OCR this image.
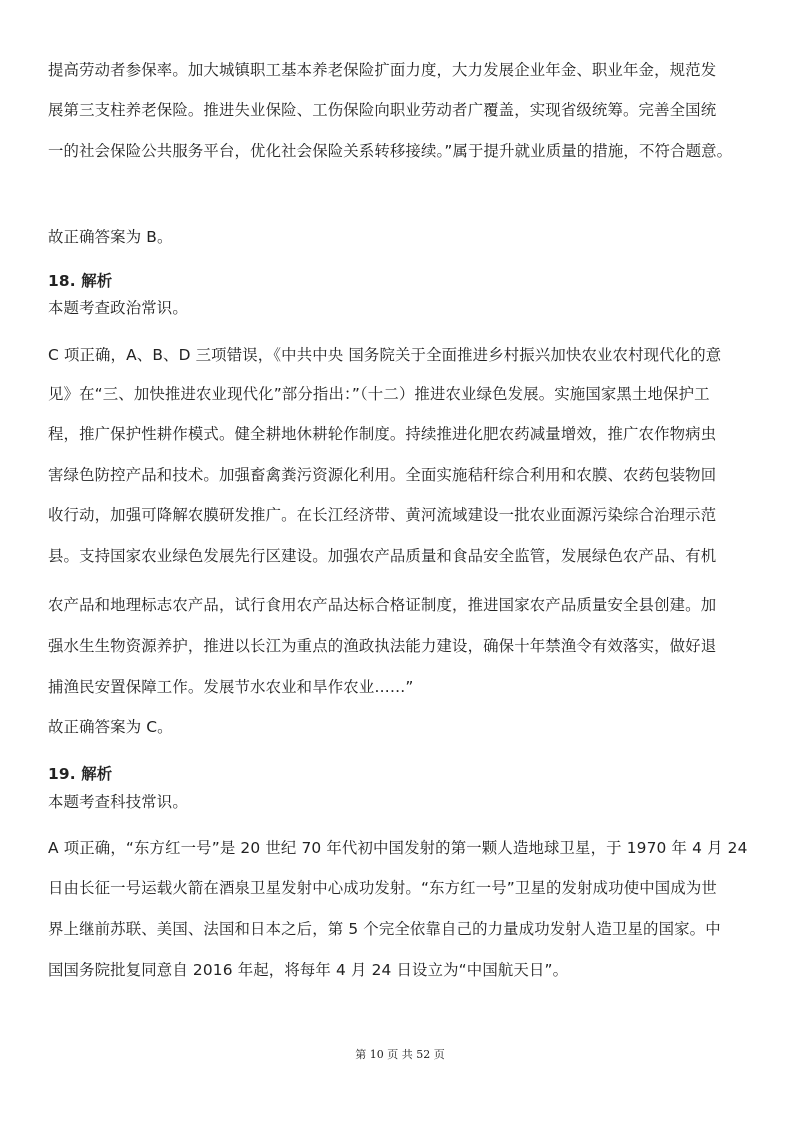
提高劳动者参保率。加大城镇职工基本养老保险扩面力度，大力发展企业年金、职业年金，规范发
展第三支柱养老保险。推进失业保险、工伤保险向职业劳动者广覆盖，实现省级统筹。完善全国统
一的社会保险公共服务平台，优化社会保险关系转移接续。”属于提升就业质量的措施，不符合题意。
故正确答案为 B。
18. 解析
本题考查政治常识。
C 项正确，A、B、D 三项错误，《中共中央 国务院关于全面推进乡村振兴加快农业农村现代化的意
见》在“三、加快推进农业现代化”部分指出：”（十二）推进农业绿色发展。实施国家黑土地保护工
程，推广保护性耕作模式。健全耕地休耕轮作制度。持续推进化肥农药减量增效，推广农作物病虫
害绿色防控产品和技术。加强畜禽粪污资源化利用。全面实施秸秆综合利用和农膜、农药包装物回
收行动，加强可降解农膜研发推广。在长江经济带、黄河流域建设一批农业面源污染综合治理示范
县。支持国家农业绿色发展先行区建设。加强农产品质量和食品安全监管，发展绿色农产品、有机
农产品和地理标志农产品，试行食用农产品达标合格证制度，推进国家农产品质量安全县创建。加
强水生生物资源养护，推进以长江为重点的渔政执法能力建设，确保十年禁渔令有效落实，做好退
捕渔民安置保障工作。发展节水农业和旱作农业……”
故正确答案为 C。
19. 解析
本题考查科技常识。
A 项正确，“东方红一号”是 20 世纪 70 年代初中国发射的第一颗人造地球卫星，于 1970 年 4 月 24
日由长征一号运载火箭在酒泉卫星发射中心成功发射。“东方红一号”卫星的发射成功使中国成为世
界上继前苏联、美国、法国和日本之后，第 5 个完全依靠自己的力量成功发射人造卫星的国家。中
国国务院批复同意自 2016 年起，将每年 4 月 24 日设立为“中国航天日”。
第 10 页 共 52 页
